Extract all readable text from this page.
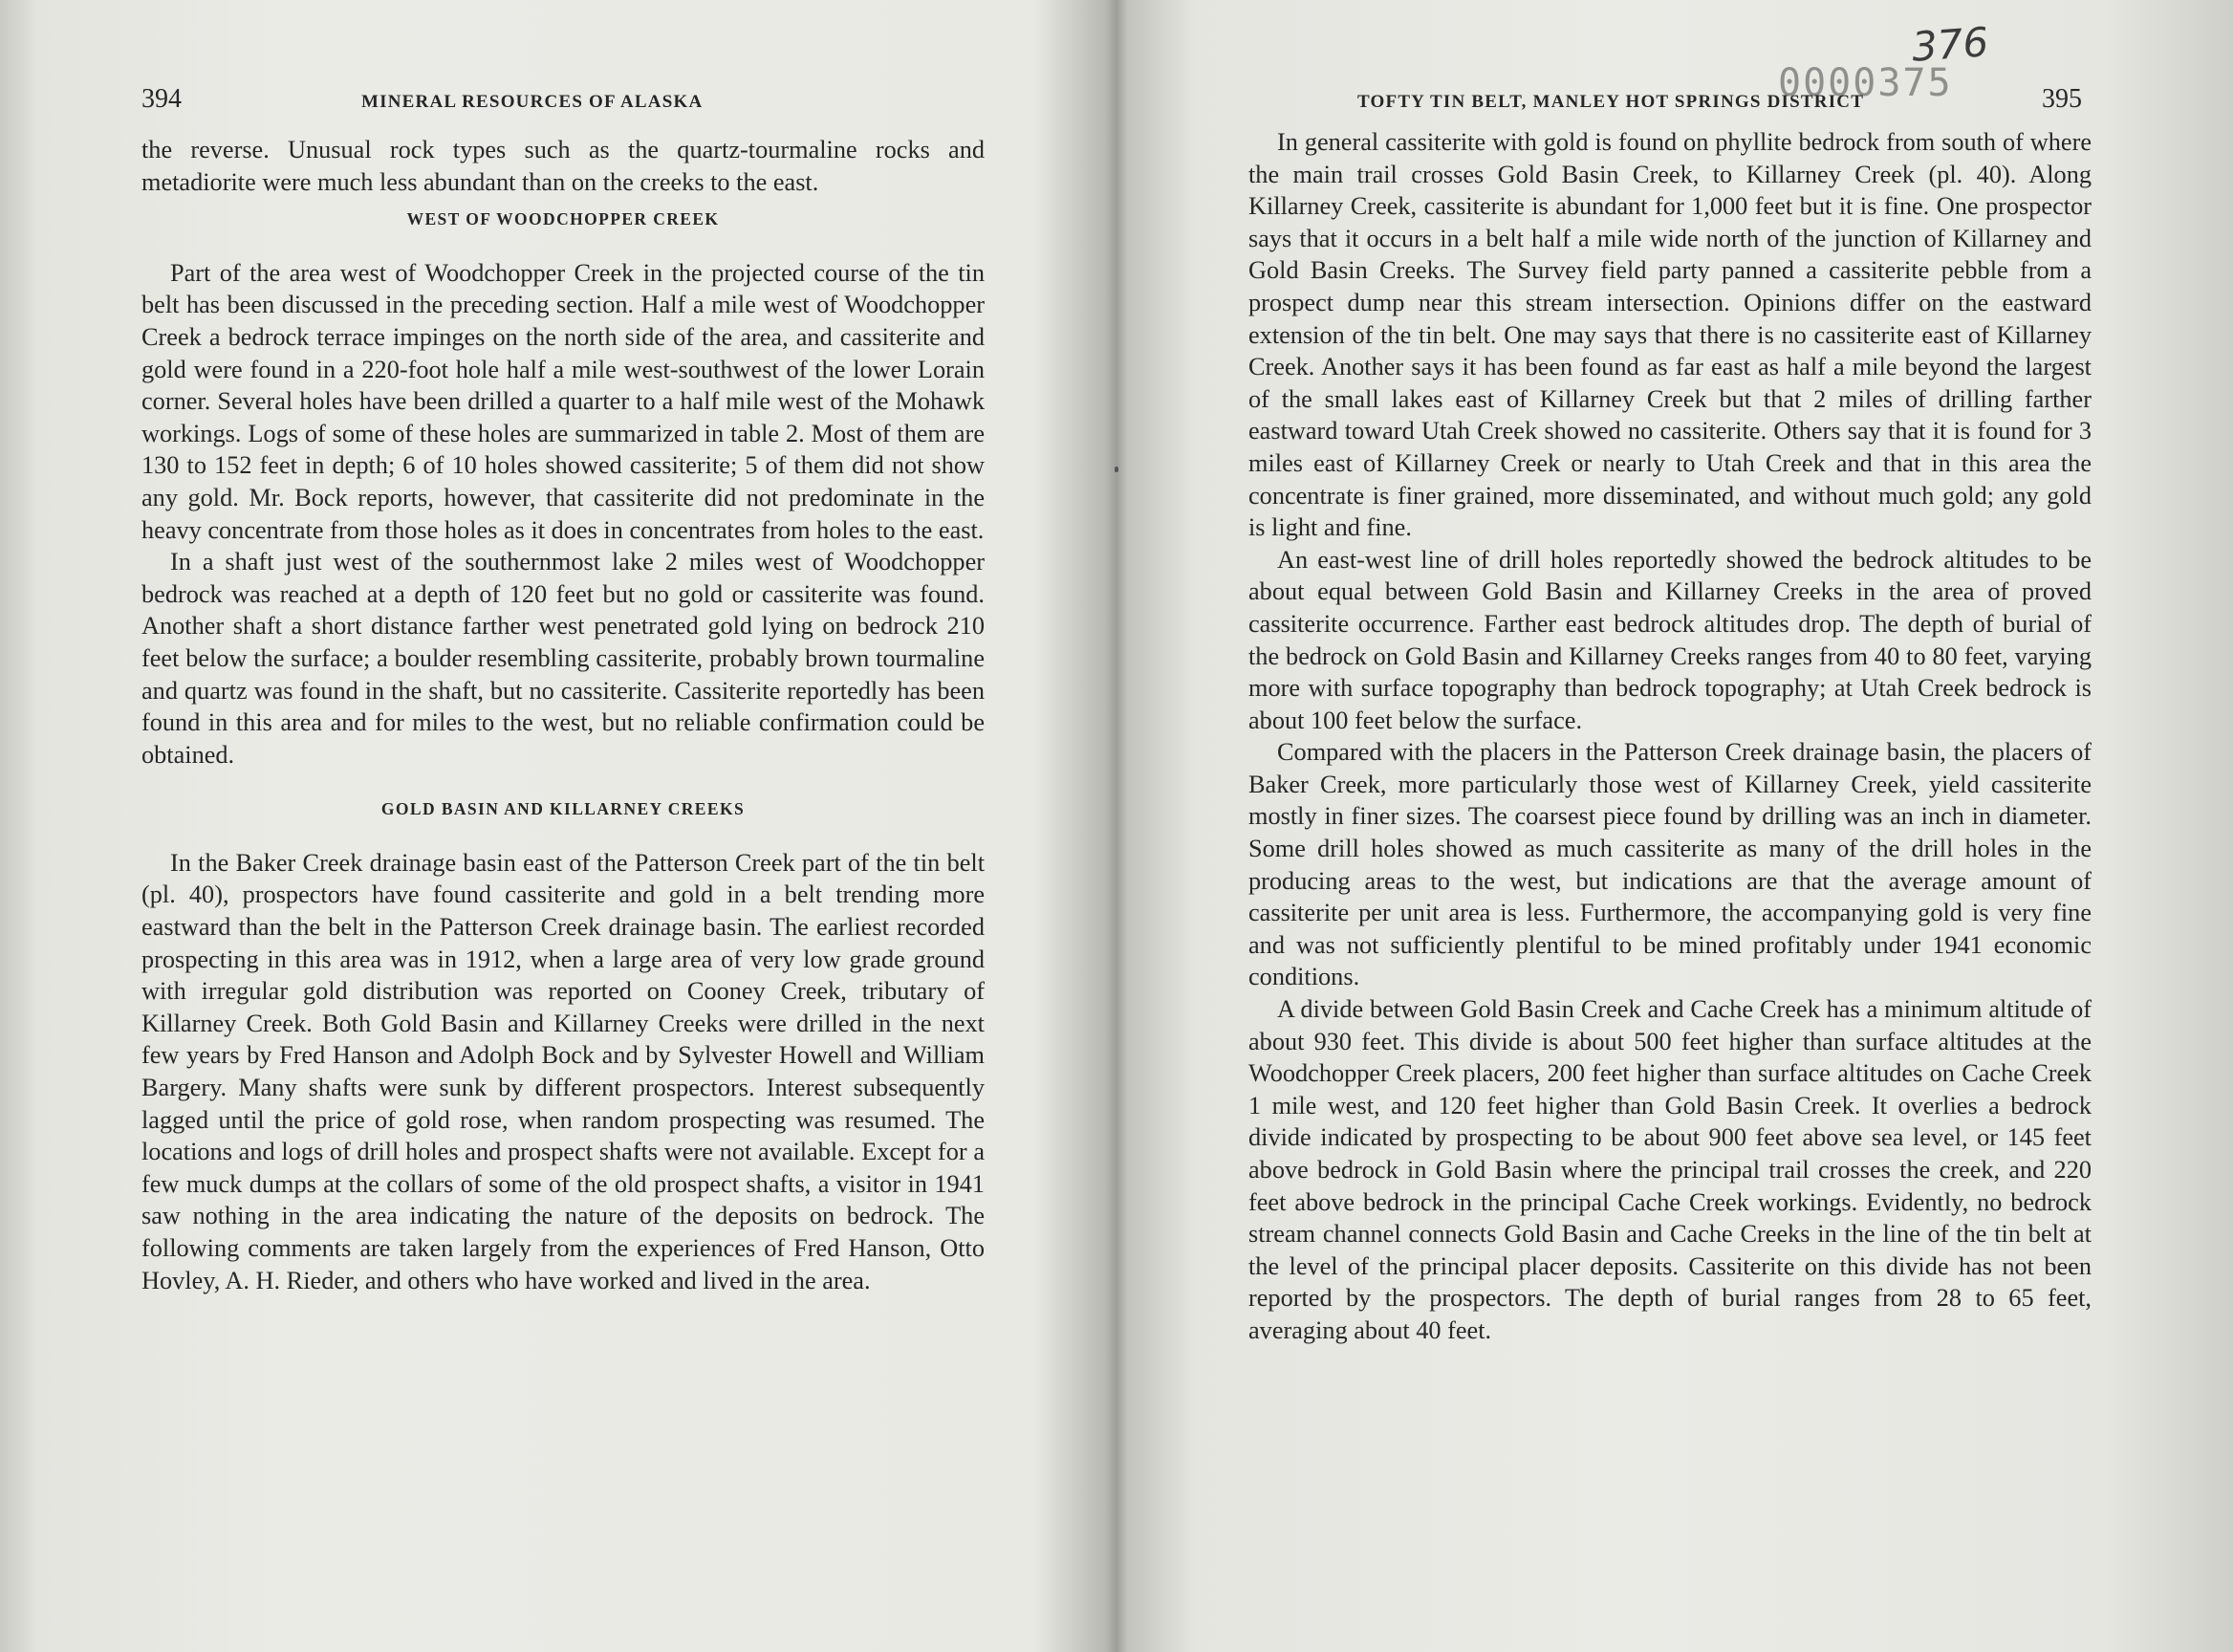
394	MINERAL RESOURCES OF ALASKA

the reverse. Unusual rock types such as the quartz-tourmaline rocks and metadiorite were much less abundant than on the creeks to the east.

WEST OF WOODCHOPPER CREEK

Part of the area west of Woodchopper Creek in the projected course of the tin belt has been discussed in the preceding section. Half a mile west of Woodchopper Creek a bedrock terrace impinges on the north side of the area, and cassiterite and gold were found in a 220-foot hole half a mile west-southwest of the lower Lorain corner. Several holes have been drilled a quarter to a half mile west of the Mohawk workings. Logs of some of these holes are summarized in table 2. Most of them are 130 to 152 feet in depth; 6 of 10 holes showed cassiterite; 5 of them did not show any gold. Mr. Bock reports, however, that cassiterite did not predominate in the heavy concentrate from those holes as it does in concentrates from holes to the east.

In a shaft just west of the southernmost lake 2 miles west of Woodchopper bedrock was reached at a depth of 120 feet but no gold or cassiterite was found. Another shaft a short distance farther west penetrated gold lying on bedrock 210 feet below the surface; a boulder resembling cassiterite, probably brown tourmaline and quartz was found in the shaft, but no cassiterite. Cassiterite reportedly has been found in this area and for miles to the west, but no reliable confirmation could be obtained.

GOLD BASIN AND KILLARNEY CREEKS

In the Baker Creek drainage basin east of the Patterson Creek part of the tin belt (pl. 40), prospectors have found cassiterite and gold in a belt trending more eastward than the belt in the Patterson Creek drainage basin. The earliest recorded prospecting in this area was in 1912, when a large area of very low grade ground with irregular gold distribution was reported on Cooney Creek, tributary of Killarney Creek. Both Gold Basin and Killarney Creeks were drilled in the next few years by Fred Hanson and Adolph Bock and by Sylvester Howell and William Bargery. Many shafts were sunk by different prospectors. Interest subsequently lagged until the price of gold rose, when random prospecting was resumed. The locations and logs of drill holes and prospect shafts were not available. Except for a few muck dumps at the collars of some of the old prospect shafts, a visitor in 1941 saw nothing in the area indicating the nature of the deposits on bedrock. The following comments are taken largely from the experiences of Fred Hanson, Otto Hovley, A. H. Rieder, and others who have worked and lived in the area.

376
0000375
TOFTY TIN BELT, MANLEY HOT SPRINGS DISTRICT	395

In general cassiterite with gold is found on phyllite bedrock from south of where the main trail crosses Gold Basin Creek, to Killarney Creek (pl. 40). Along Killarney Creek, cassiterite is abundant for 1,000 feet but it is fine. One prospector says that it occurs in a belt half a mile wide north of the junction of Killarney and Gold Basin Creeks. The Survey field party panned a cassiterite pebble from a prospect dump near this stream intersection. Opinions differ on the eastward extension of the tin belt. One may says that there is no cassiterite east of Killarney Creek. Another says it has been found as far east as half a mile beyond the largest of the small lakes east of Killarney Creek but that 2 miles of drilling farther eastward toward Utah Creek showed no cassiterite. Others say that it is found for 3 miles east of Killarney Creek or nearly to Utah Creek and that in this area the concentrate is finer grained, more disseminated, and without much gold; any gold is light and fine.

An east-west line of drill holes reportedly showed the bedrock altitudes to be about equal between Gold Basin and Killarney Creeks in the area of proved cassiterite occurrence. Farther east bedrock altitudes drop. The depth of burial of the bedrock on Gold Basin and Killarney Creeks ranges from 40 to 80 feet, varying more with surface topography than bedrock topography; at Utah Creek bedrock is about 100 feet below the surface.

Compared with the placers in the Patterson Creek drainage basin, the placers of Baker Creek, more particularly those west of Killarney Creek, yield cassiterite mostly in finer sizes. The coarsest piece found by drilling was an inch in diameter. Some drill holes showed as much cassiterite as many of the drill holes in the producing areas to the west, but indications are that the average amount of cassiterite per unit area is less. Furthermore, the accompanying gold is very fine and was not sufficiently plentiful to be mined profitably under 1941 economic conditions.

A divide between Gold Basin Creek and Cache Creek has a minimum altitude of about 930 feet. This divide is about 500 feet higher than surface altitudes at the Woodchopper Creek placers, 200 feet higher than surface altitudes on Cache Creek 1 mile west, and 120 feet higher than Gold Basin Creek. It overlies a bedrock divide indicated by prospecting to be about 900 feet above sea level, or 145 feet above bedrock in Gold Basin where the principal trail crosses the creek, and 220 feet above bedrock in the principal Cache Creek workings. Evidently, no bedrock stream channel connects Gold Basin and Cache Creeks in the line of the tin belt at the level of the principal placer deposits. Cassiterite on this divide has not been reported by the prospectors. The depth of burial ranges from 28 to 65 feet, averaging about 40 feet.
